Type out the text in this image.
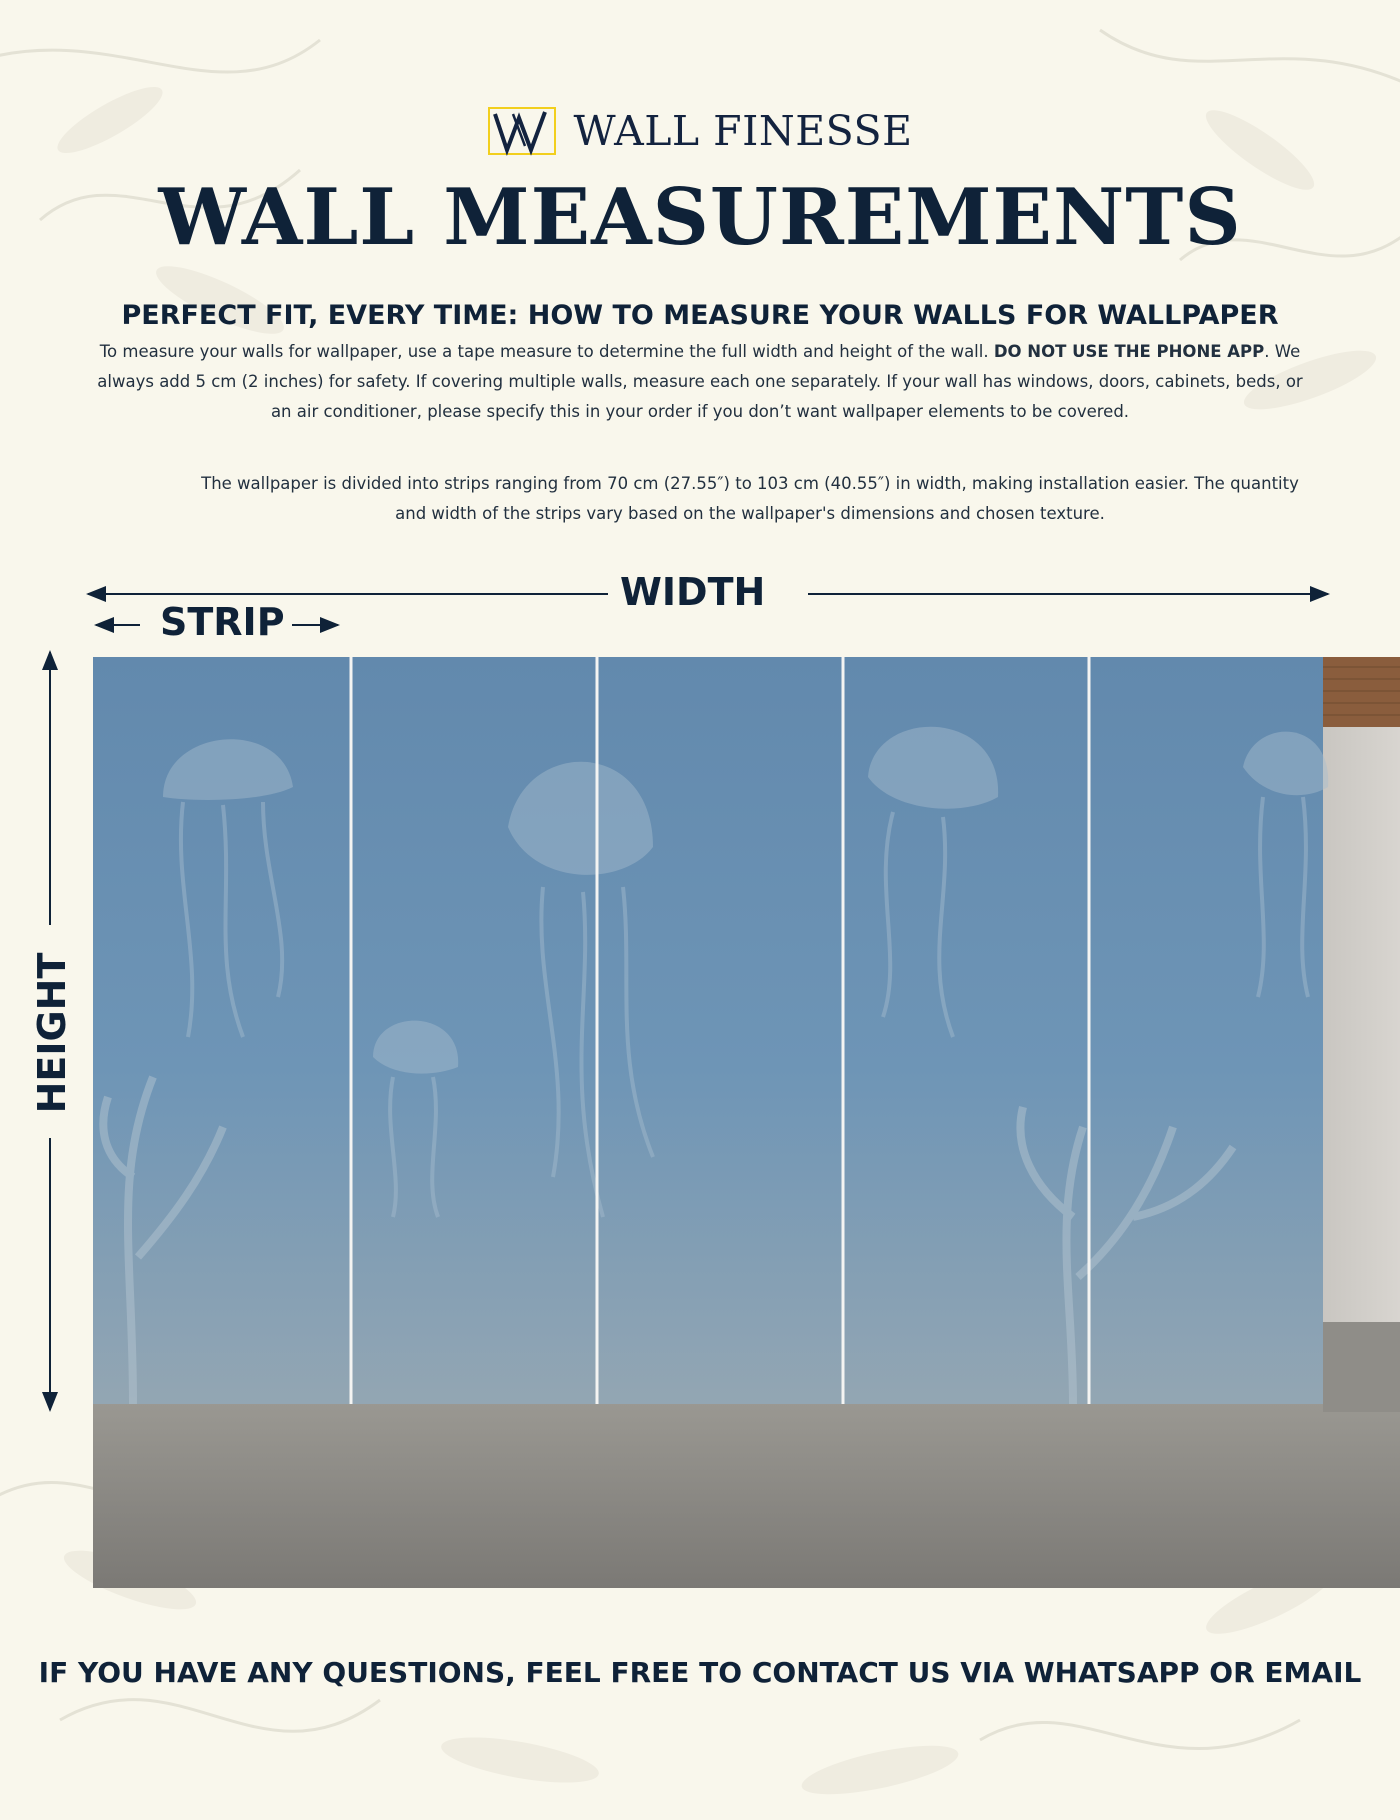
WALL FINESSE
WALL MEASUREMENTS
PERFECT FIT, EVERY TIME: HOW TO MEASURE YOUR WALLS FOR WALLPAPER
To measure your walls for wallpaper, use a tape measure to determine the full width and height of the wall. DO NOT USE THE PHONE APP. We always add 5 cm (2 inches) for safety. If covering multiple walls, measure each one separately. If your wall has windows, doors, cabinets, beds, or an air conditioner, please specify this in your order if you don’t want wallpaper elements to be covered.
The wallpaper is divided into strips ranging from 70 cm (27.55″) to 103 cm (40.55″) in width, making installation easier. The quantity and width of the strips vary based on the wallpaper's dimensions and chosen texture.
WIDTH
STRIP
HEIGHT
IF YOU HAVE ANY QUESTIONS, FEEL FREE TO CONTACT US VIA WHATSAPP OR EMAIL
